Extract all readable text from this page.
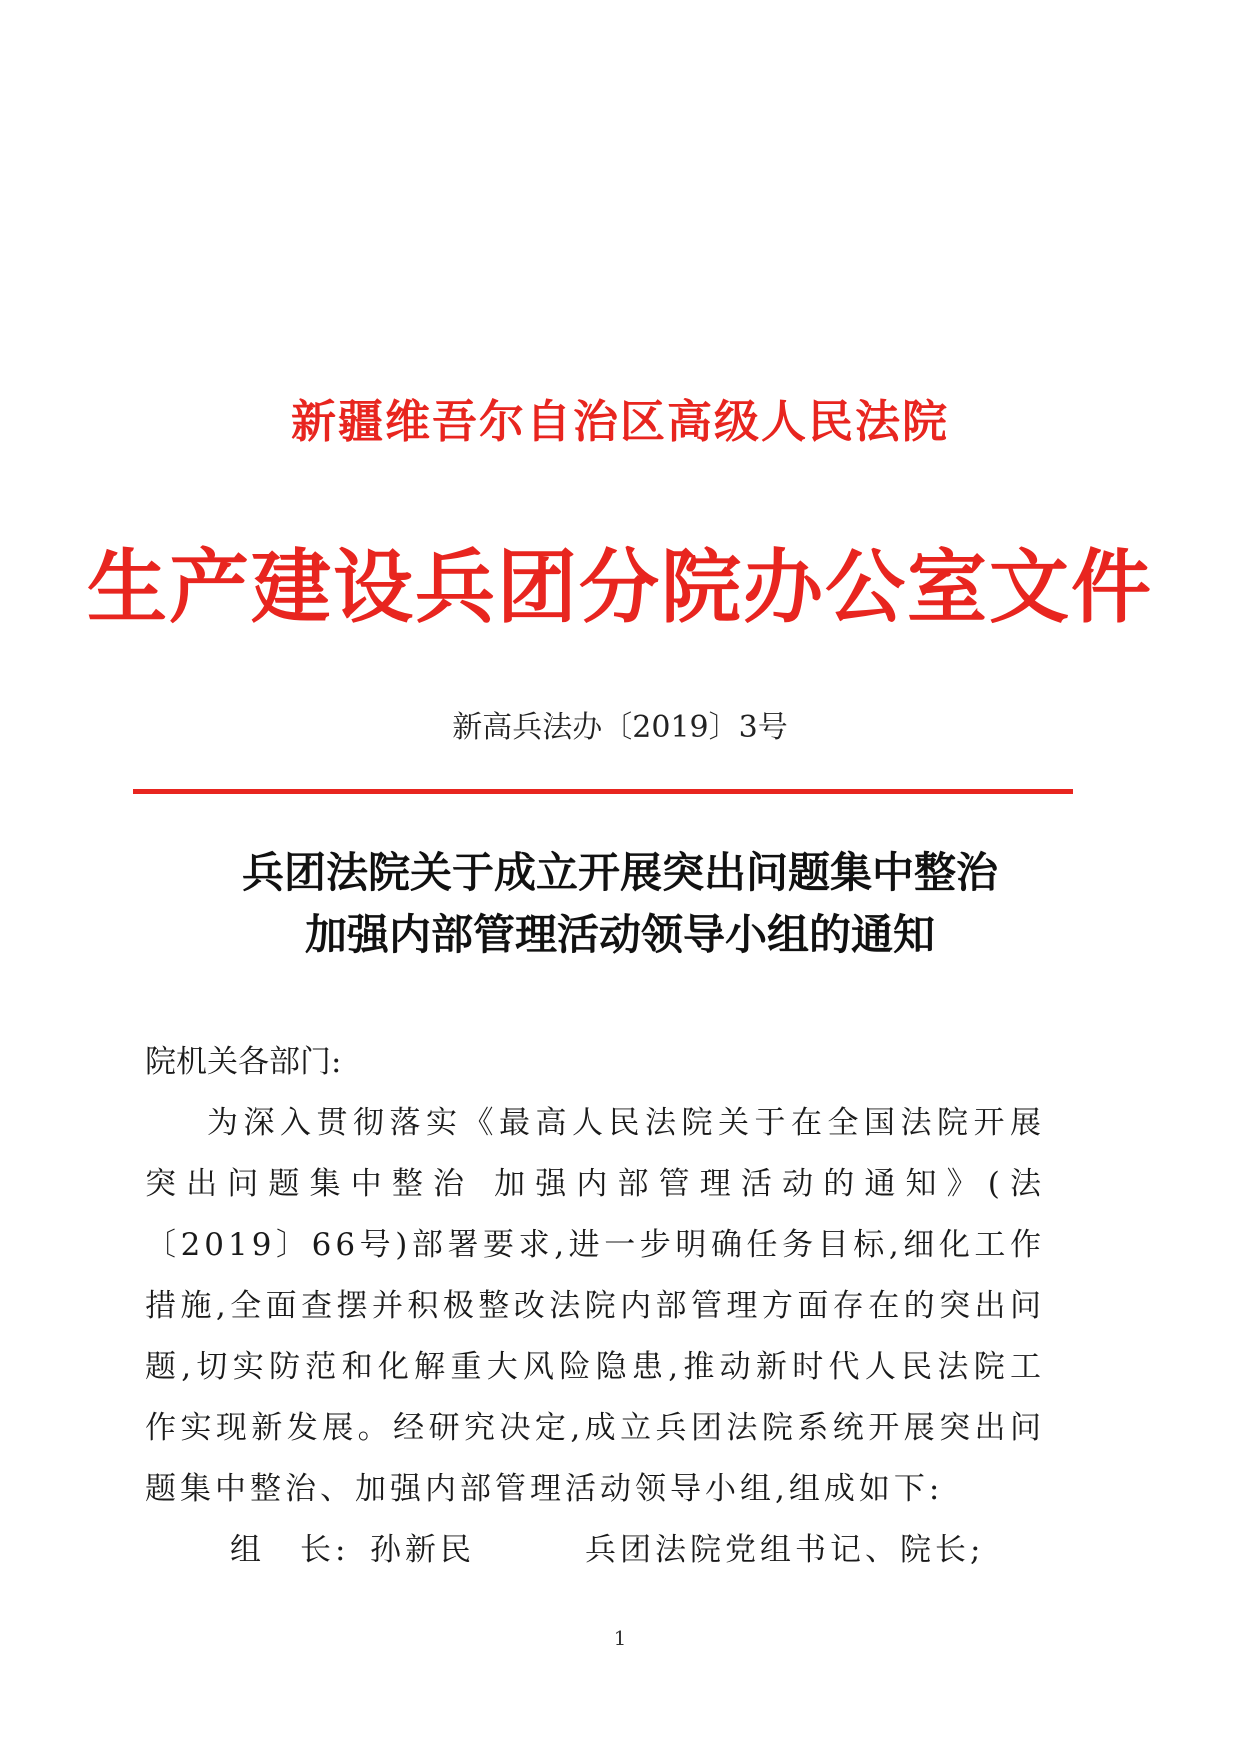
新疆维吾尔自治区高级人民法院
生产建设兵团分院办公室文件
新高兵法办〔2019〕3号
兵团法院关于成立开展突出问题集中整治
加强内部管理活动领导小组的通知

院机关各部门:

为深入贯彻落实《最高人民法院关于在全国法院开展突出问题集中整治 加强内部管理活动的通知》(法〔2019〕66号)部署要求,进一步明确任务目标,细化工作措施,全面查摆并积极整改法院内部管理方面存在的突出问题,切实防范和化解重大风险隐患,推动新时代人民法院工作实现新发展。经研究决定,成立兵团法院系统开展突出问题集中整治、加强内部管理活动领导小组,组成如下:

组　长: 孙新民	兵团法院党组书记、院长;
1
